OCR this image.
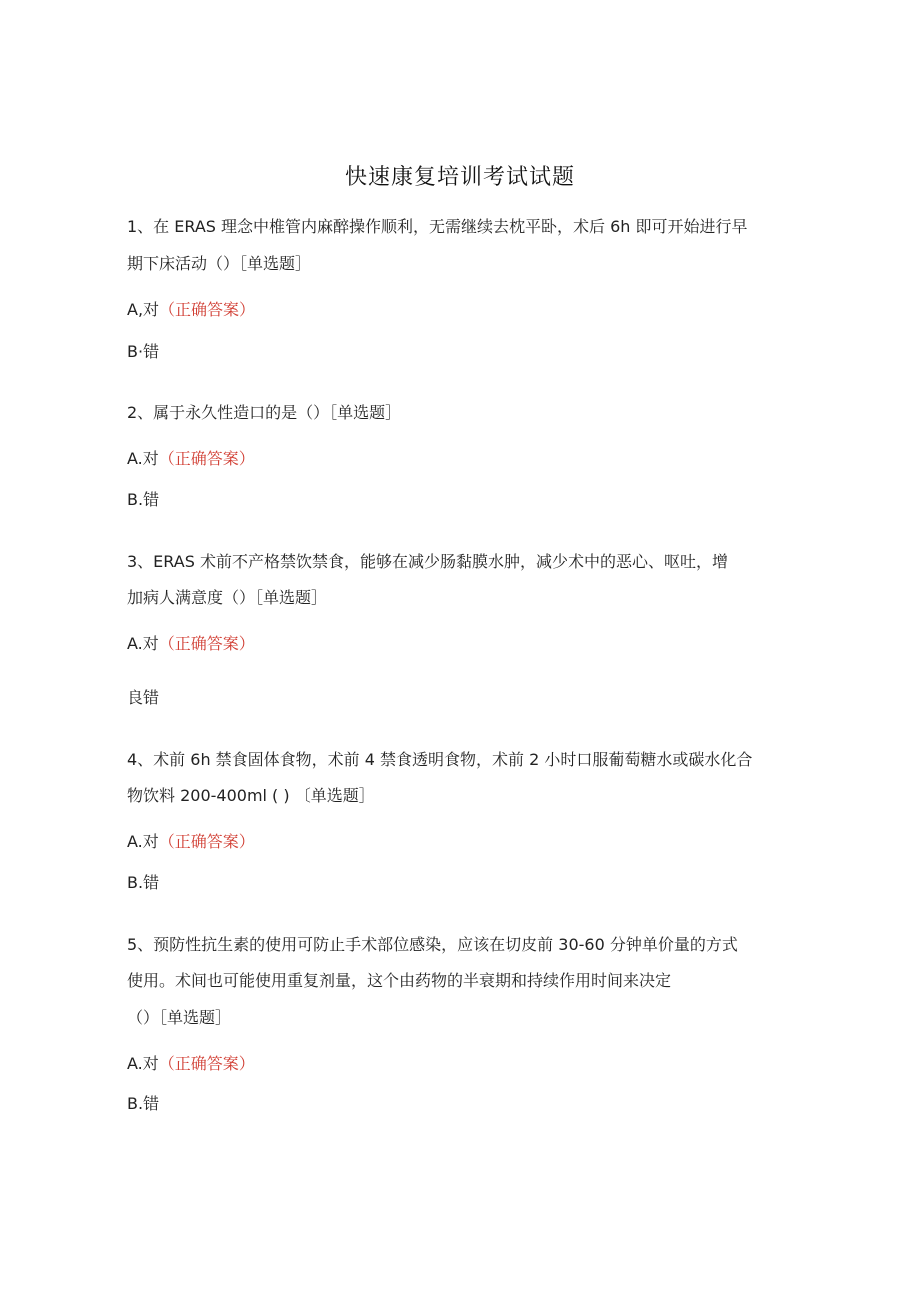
快速康复培训考试试题
1、在 ERAS 理念中椎管内麻醉操作顺利，无需继续去枕平卧，术后 6h 即可开始进行早
期下床活动（）［单选题］
A,对（正确答案）
B·错
2、属于永久性造口的是（）［单选题］
A.对（正确答案）
B.错
3、ERAS 术前不产格禁饮禁食，能够在减少肠黏膜水肿，减少术中的恶心、呕吐，增
加病人满意度（）［单选题］
A.对（正确答案）
良错
4、术前 6h 禁食固体食物，术前 4 禁食透明食物，术前 2 小时口服葡萄糖水或碳水化合
物饮料 200-400ml ( ) 〔单选题］
A.对（正确答案）
B.错
5、预防性抗生素的使用可防止手术部位感染，应该在切皮前 30-60 分钟单价量的方式
使用。术间也可能使用重复剂量，这个由药物的半衰期和持续作用时间来决定
（）［单选题］
A.对（正确答案）
B.错
